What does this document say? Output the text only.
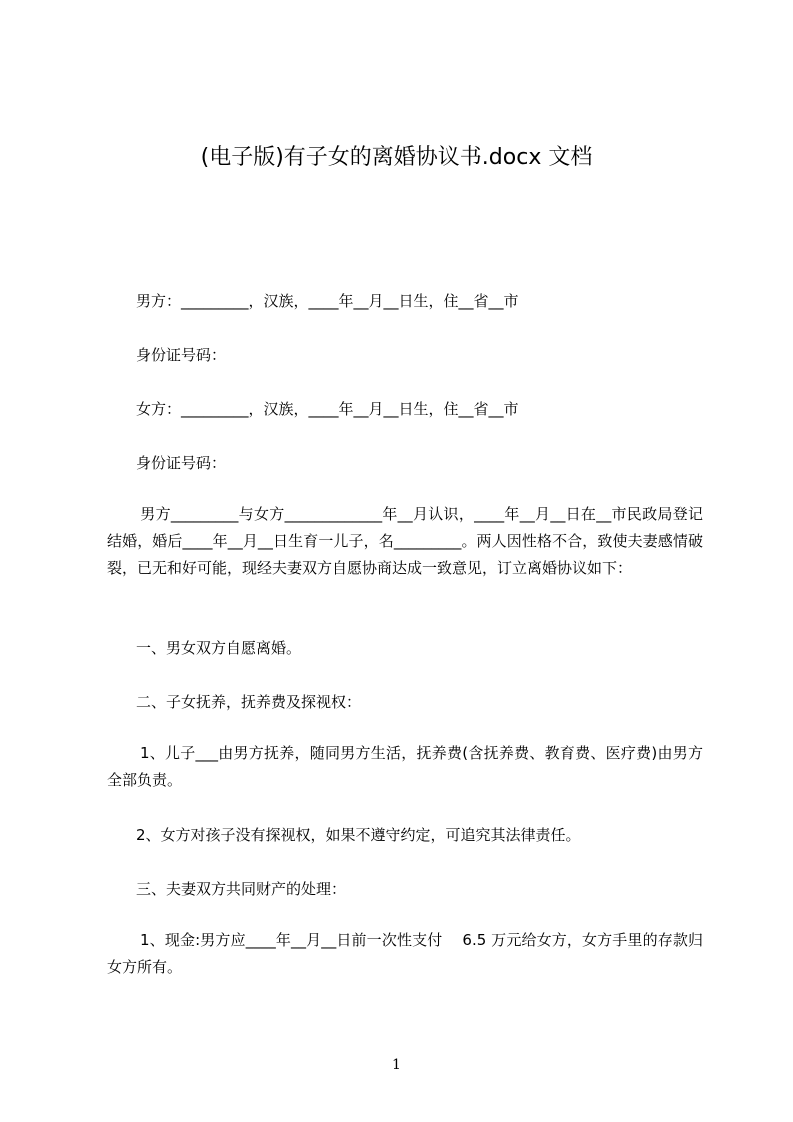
(电子版)有子女的离婚协议书.docx 文档
男方：_________，汉族，____年__月__日生，住__省__市
身份证号码：
女方：_________，汉族，____年__月__日生，住__省__市
身份证号码：
男方_________与女方_____________年__月认识，____年__月__日在__市民政局登记结婚，婚后____年__月__日生育一儿子，名_________。两人因性格不合，致使夫妻感情破裂，已无和好可能，现经夫妻双方自愿协商达成一致意见，订立离婚协议如下：
一、男女双方自愿离婚。
二、子女抚养，抚养费及探视权：
1、儿子___由男方抚养，随同男方生活，抚养费(含抚养费、教育费、医疗费)由男方全部负责。
2、女方对孩子没有探视权，如果不遵守约定，可追究其法律责任。
三、夫妻双方共同财产的处理：
1、现金:男方应____年__月__日前一次性支付　 6.5 万元给女方，女方手里的存款归女方所有。
1
